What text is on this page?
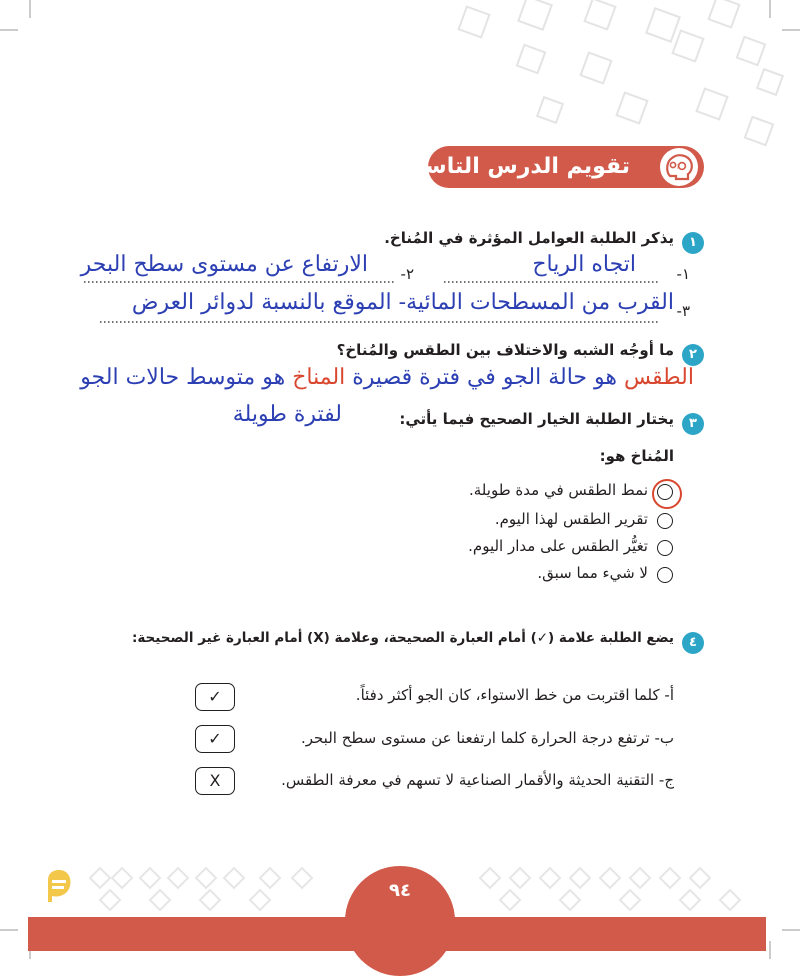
تقويم الدرس التاسع	?
١
يذكر الطلبة العوامل المؤثرة في المُناخ.
١-
اتجاه الرياح
٢-
الارتفاع عن مستوى سطح البحر
٣-
القرب من المسطحات المائية- الموقع بالنسبة لدوائر العرض
٢
ما أوجُه الشبه والاختلاف بين الطقس والمُناخ؟
الطقس هو حالة الجو في فترة قصيرة المناخ هو متوسط حالات الجو
لفترة طويلة	٣
يختار الطلبة الخيار الصحيح فيما يأتي:
المُناخ هو:
نمط الطقس في مدة طويلة.
تقرير الطقس لهذا اليوم.
تغيُّر الطقس على مدار اليوم.
لا شيء مما سبق.
٤
يضع الطلبة علامة (✓) أمام العبارة الصحيحة، وعلامة (X) أمام العبارة غير الصحيحة:
أ- كلما اقتربت من خط الاستواء، كان الجو أكثر دفئاً.
✓
ب- ترتفع درجة الحرارة كلما ارتفعنا عن مستوى سطح البحر.
✓
ج- التقنية الحديثة والأقمار الصناعية لا تسهم في معرفة الطقس.
X
٩٤
